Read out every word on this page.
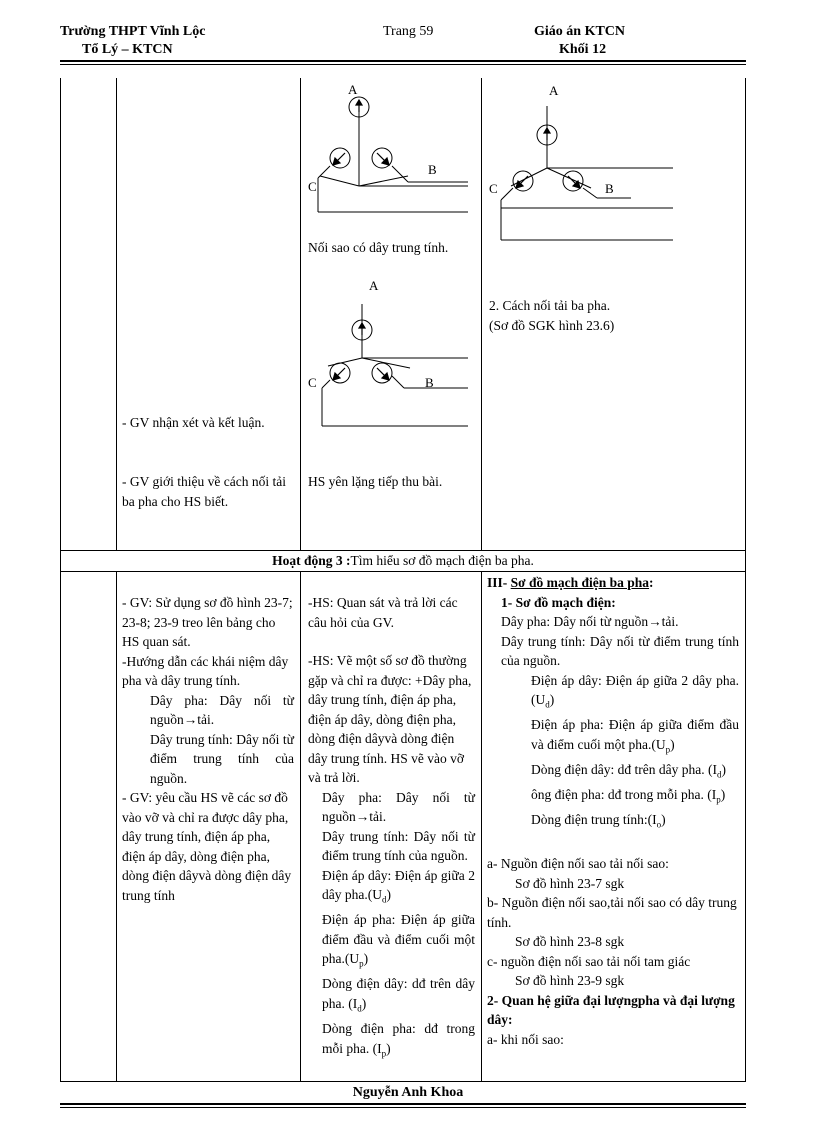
Trường THPT Vĩnh Lộc
Tổ Lý – KTCN
Trang 59	Giáo án KTCN
Khối 12
A
B
C
Nối sao có dây trung tính.
A
B
C
A
B
C
2. Cách nối tải ba pha.
(Sơ đồ SGK hình 23.6)
- GV nhận xét và kết luận.
- GV giới thiệu về cách nối tải ba pha cho HS biết.
HS yên lặng tiếp thu bài.
Hoạt động 3 :Tìm hiểu sơ đồ mạch điện ba pha.

- GV: Sử dụng sơ đồ hình 23-7; 23-8; 23-9 treo lên bảng cho HS quan sát.

-Hướng dẫn các khái niệm dây pha và dây trung tính.

Dây pha: Dây nối từ nguồn→tải.

Dây trung tính: Dây nối từ điểm trung tính của nguồn.

- GV: yêu cầu HS vẽ các sơ đồ vào vỡ và chỉ ra được dây pha, dây trung tính, điện áp pha, điện áp dây, dòng điện pha, dòng điện dâyvà dòng điện dây trung tính

-HS: Quan sát và trả lời các câu hỏi của GV.

-HS: Vẽ một số sơ đồ thường gặp và chỉ ra được: +Dây pha, dây trung tính, điện áp pha, điện áp dây, dòng điện pha, dòng điện dâyvà dòng điện dây trung tính. HS vẽ vào vỡ và trả lời.

Dây pha: Dây nối từ nguồn→tải.

Dây trung tính: Dây nối từ điểm trung tính của nguồn.

Điện áp dây: Điện áp giữa 2 dây $pha.(U_d)$

Điện áp pha: Điện áp giữa điểm đầu và điểm cuối một $pha.(U_p)$

Dòng điện dây: dđ trên dây pha. $(I_d)$

Dòng điện pha: dđ trong mỗi pha. $(I_p)$

III- Sơ đồ mạch điện ba pha:

1- Sơ đồ mạch điện:

Dây pha: Dây nối từ nguồn→tải.

Dây trung tính: Dây nối từ điểm trung tính của nguồn.

Điện áp dây: Điện áp giữa 2 dây $pha.(U_d)$

Điện áp pha: Điện áp giữa điểm đầu và điểm cuối một $pha.(U_p)$

Dòng điện dây: dđ trên dây pha. $(I_d)$

ông điện pha: dđ trong mỗi pha. $(I_p)$

Dòng điện trung $tính:(I_o)$

a- Nguồn điện nối sao tải nối sao:

Sơ đồ hình 23-7 sgk

b- Nguồn điện nối sao,tải nối sao có dây trung tính.

Sơ đồ hình 23-8 sgk

c- nguồn điện nối sao tải nối tam giác

Sơ đồ hình 23-9 sgk

2- Quan hệ giữa đại lượngpha và đại lượng dây:

a- khi nối sao:

Nguyễn Anh Khoa
